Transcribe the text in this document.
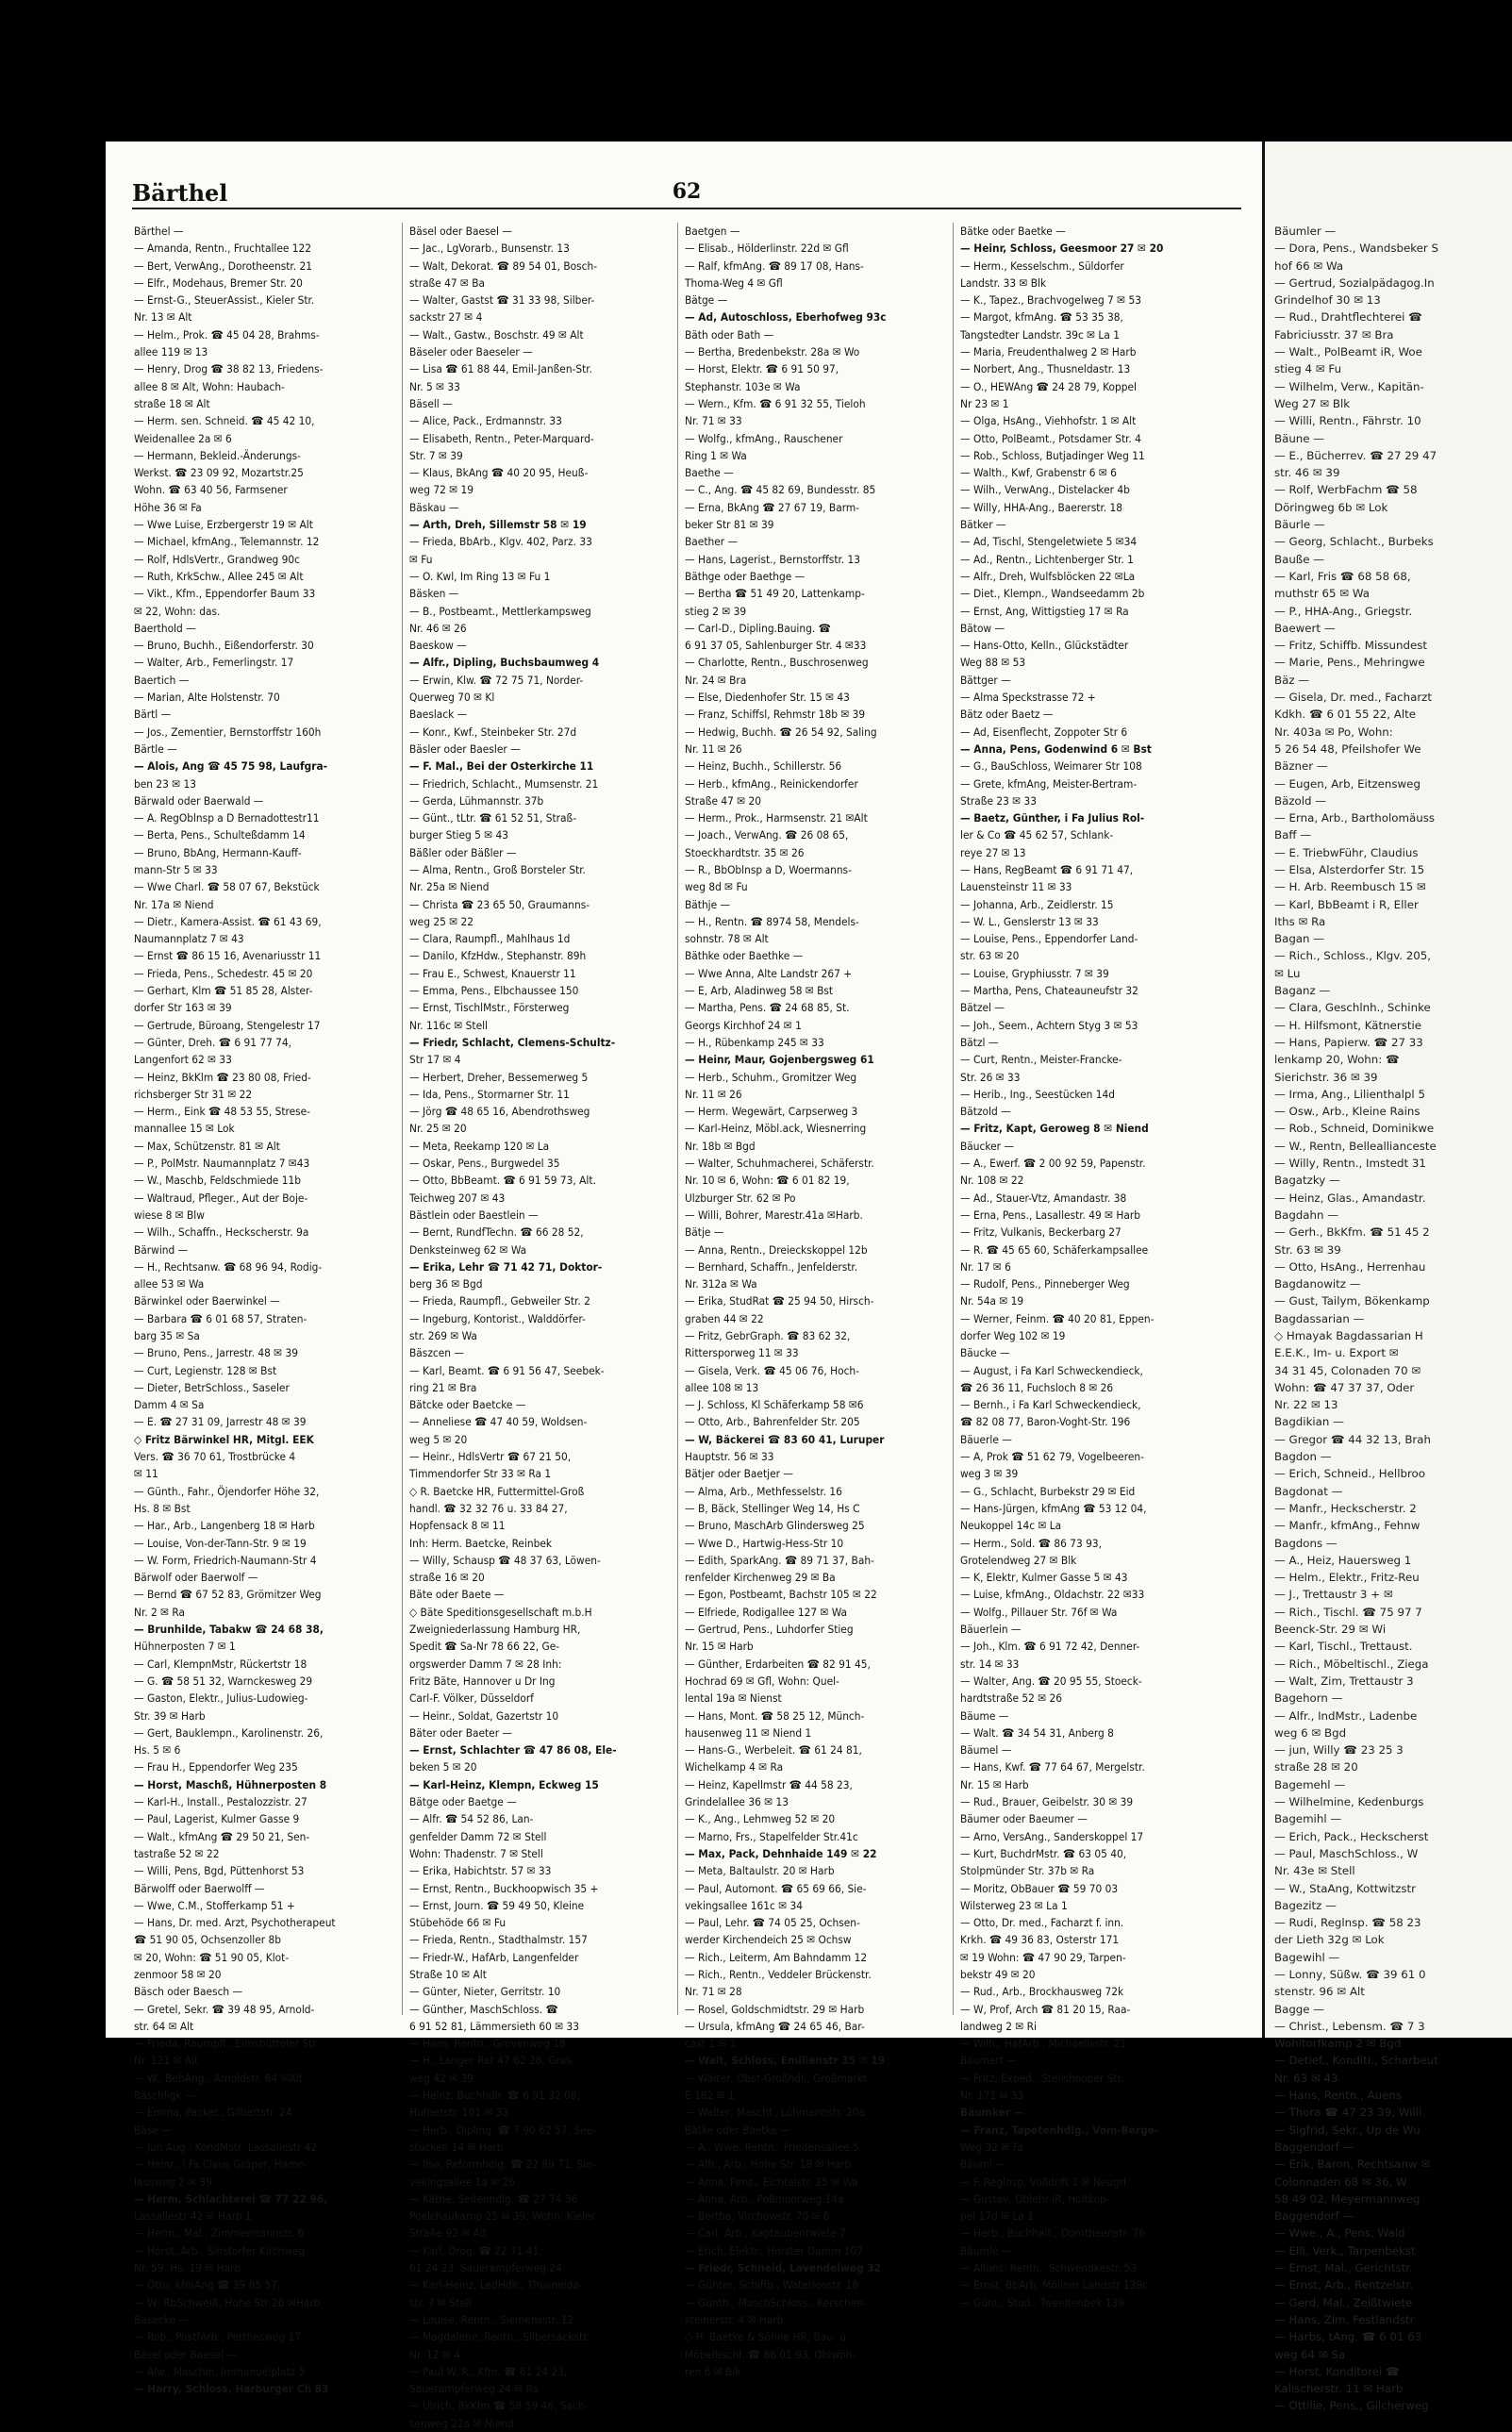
Bärthel	62
Bärthel —
— Amanda, Rentn., Fruchtallee 122
— Bert, VerwAng., Dorotheenstr. 21
— Elfr., Modehaus, Bremer Str. 20
— Ernst-G., SteuerAssist., Kieler Str.
Nr. 13 ✉ Alt
— Helm., Prok. ☎ 45 04 28, Brahms-
allee 119 ✉ 13
— Henry, Drog ☎ 38 82 13, Friedens-
allee 8 ✉ Alt, Wohn: Haubach-
straße 18 ✉ Alt
— Herm. sen. Schneid. ☎ 45 42 10,
Weidenallee 2a ✉ 6
— Hermann, Bekleid.-Änderungs-
Werkst. ☎ 23 09 92, Mozartstr.25
Wohn. ☎ 63 40 56, Farmsener
Höhe 36 ✉ Fa
— Wwe Luise, Erzbergerstr 19 ✉ Alt
— Michael, kfmAng., Telemannstr. 12
— Rolf, HdlsVertr., Grandweg 90c
— Ruth, KrkSchw., Allee 245 ✉ Alt
— Vikt., Kfm., Eppendorfer Baum 33
✉ 22, Wohn: das.
Baerthold —
— Bruno, Buchh., Eißendorferstr. 30
— Walter, Arb., Femerlingstr. 17
Baertich —
— Marian, Alte Holstenstr. 70
Bärtl —
— Jos., Zementier, Bernstorffstr 160h
Bärtle —
— Alois, Ang ☎ 45 75 98, Laufgra-
ben 23 ✉ 13
Bärwald oder Baerwald —
— A. RegOblnsp a D Bernadottestr11
— Berta, Pens., Schulteßdamm 14
— Bruno, BbAng, Hermann-Kauff-
mann-Str 5 ✉ 33
— Wwe Charl. ☎ 58 07 67, Bekstück
Nr. 17a ✉ Niend
— Dietr., Kamera-Assist. ☎ 61 43 69,
Naumannplatz 7 ✉ 43
— Ernst ☎ 86 15 16, Avenariusstr 11
— Frieda, Pens., Schedestr. 45 ✉ 20
— Gerhart, Klm ☎ 51 85 28, Alster-
dorfer Str 163 ✉ 39
— Gertrude, Büroang, Stengelestr 17
— Günter, Dreh. ☎ 6 91 77 74,
Langenfort 62 ✉ 33
— Heinz, BkKlm ☎ 23 80 08, Fried-
richsberger Str 31 ✉ 22
— Herm., Eink ☎ 48 53 55, Strese-
mannallee 15 ✉ Lok
— Max, Schützenstr. 81 ✉ Alt
— P., PolMstr. Naumannplatz 7 ✉43
— W., Maschb, Feldschmiede 11b
— Waltraud, Pfleger., Aut der Boje-
wiese 8 ✉ Blw
— Wilh., Schaffn., Heckscherstr. 9a
Bärwind —
— H., Rechtsanw. ☎ 68 96 94, Rodig-
allee 53 ✉ Wa
Bärwinkel oder Baerwinkel —
— Barbara ☎ 6 01 68 57, Straten-
barg 35 ✉ Sa
— Bruno, Pens., Jarrestr. 48 ✉ 39
— Curt, Legienstr. 128 ✉ Bst
— Dieter, BetrSchloss., Saseler
Damm 4 ✉ Sa
— E. ☎ 27 31 09, Jarrestr 48 ✉ 39
◇ Fritz Bärwinkel HR, Mitgl. EEK
Vers. ☎ 36 70 61, Trostbrücke 4
✉ 11
— Günth., Fahr., Öjendorfer Höhe 32,
Hs. 8 ✉ Bst
— Har., Arb., Langenberg 18 ✉ Harb
— Louise, Von-der-Tann-Str. 9 ✉ 19
— W. Form, Friedrich-Naumann-Str 4
Bärwolf oder Baerwolf —
— Bernd ☎ 67 52 83, Grömitzer Weg
Nr. 2 ✉ Ra
— Brunhilde, Tabakw ☎ 24 68 38,
Hühnerposten 7 ✉ 1
— Carl, KlempnMstr, Rückertstr 18
— G. ☎ 58 51 32, Warnckesweg 29
— Gaston, Elektr., Julius-Ludowieg-
Str. 39 ✉ Harb
— Gert, Bauklempn., Karolinenstr. 26,
Hs. 5 ✉ 6
— Frau H., Eppendorfer Weg 235
— Horst, Maschß, Hühnerposten 8
— Karl-H., Install., Pestalozzistr. 27
— Paul, Lagerist, Kulmer Gasse 9
— Walt., kfmAng ☎ 29 50 21, Sen-
tastraße 52 ✉ 22
— Willi, Pens, Bgd, Püttenhorst 53
Bärwolff oder Baerwolff —
— Wwe, C.M., Stofferkamp 51 +
— Hans, Dr. med. Arzt, Psychotherapeut
☎ 51 90 05, Ochsenzoller 8b
✉ 20, Wohn: ☎ 51 90 05, Klot-
zenmoor 58 ✉ 20
Bäsch oder Baesch —
— Gretel, Sekr. ☎ 39 48 95, Arnold-
str. 64 ✉ Alt
— Frieda, Raumpfl., Eimsbütteler Str.
Nr. 121 ✉ Alt
— W., BehAng., Arnoldstr. 64 ✉Alt
Bäschligk —
— Emma, Packer., Gilbertstr. 24
Bäse —
— jun Aug., KondMstr, Lassallestr 42
— Heinr., i Fa Claus Gräper, Hame-
lausweg 2 ✉ 39
— Herm, Schlachterei ☎ 77 22 96,
Lassallestr 42 ✉ Harb 1
— Herm., Mal., Zimmermannstr. 6
— Horst, Arb., Sinstorfer Kirchweg
Nr. 59, Hs. 19 ✉ Harb
— Otto, kfmAng ☎ 39 85 57,
— W, RbSchweiß, Hohe Str 26 ✉Harb
Bäsecke —
— Rob., PostfArb., Perthesweg 17
Bäsel oder Baesel —
— Alw., Maschin, Immanuelplatz 5
— Harry, Schloss, Harburger Ch 83
Bäsel oder Baesel —
— Jac., LgVorarb., Bunsenstr. 13
— Walt, Dekorat. ☎ 89 54 01, Bosch-
straße 47 ✉ Ba
— Walter, Gastst ☎ 31 33 98, Silber-
sackstr 27 ✉ 4
— Walt., Gastw., Boschstr. 49 ✉ Alt
Bäseler oder Baeseler —
— Lisa ☎ 61 88 44, Emil-Janßen-Str.
Nr. 5 ✉ 33
Bäsell —
— Alice, Pack., Erdmannstr. 33
— Elisabeth, Rentn., Peter-Marquard-
Str. 7 ✉ 39
— Klaus, BkAng ☎ 40 20 95, Heuß-
weg 72 ✉ 19
Bäskau —
— Arth, Dreh, Sillemstr 58 ✉ 19
— Frieda, BbArb., Klgv. 402, Parz. 33
✉ Fu
— O. Kwl, Im Ring 13 ✉ Fu 1
Bäsken —
— B., Postbeamt., Mettlerkampsweg
Nr. 46 ✉ 26
Baeskow —
— Alfr., Dipling, Buchsbaumweg 4
— Erwin, Klw. ☎ 72 75 71, Norder-
Querweg 70 ✉ Kl
Baeslack —
— Konr., Kwf., Steinbeker Str. 27d
Bäsler oder Baesler —
— F. Mal., Bei der Osterkirche 11
— Friedrich, Schlacht., Mumsenstr. 21
— Gerda, Lühmannstr. 37b
— Günt., tLtr. ☎ 61 52 51, Straß-
burger Stieg 5 ✉ 43
Bäßler oder Bäßler —
— Alma, Rentn., Groß Borsteler Str.
Nr. 25a ✉ Niend
— Christa ☎ 23 65 50, Graumanns-
weg 25 ✉ 22
— Clara, Raumpfl., Mahlhaus 1d
— Danilo, KfzHdw., Stephanstr. 89h
— Frau E., Schwest, Knauerstr 11
— Emma, Pens., Elbchaussee 150
— Ernst, TischlMstr., Försterweg
Nr. 116c ✉ Stell
— Friedr, Schlacht, Clemens-Schultz-
Str 17 ✉ 4
— Herbert, Dreher, Bessemerweg 5
— Ida, Pens., Stormarner Str. 11
— Jörg ☎ 48 65 16, Abendrothsweg
Nr. 25 ✉ 20
— Meta, Reekamp 120 ✉ La
— Oskar, Pens., Burgwedel 35
— Otto, BbBeamt. ☎ 6 91 59 73, Alt.
Teichweg 207 ✉ 43
Bästlein oder Baestlein —
— Bernt, RundfTechn. ☎ 66 28 52,
Denksteinweg 62 ✉ Wa
— Erika, Lehr ☎ 71 42 71, Doktor-
berg 36 ✉ Bgd
— Frieda, Raumpfl., Gebweiler Str. 2
— Ingeburg, Kontorist., Walddörfer-
str. 269 ✉ Wa
Bäszcen —
— Karl, Beamt. ☎ 6 91 56 47, Seebek-
ring 21 ✉ Bra
Bätcke oder Baetcke —
— Anneliese ☎ 47 40 59, Woldsen-
weg 5 ✉ 20
— Heinr., HdlsVertr ☎ 67 21 50,
Timmendorfer Str 33 ✉ Ra 1
◇ R. Baetcke HR, Futtermittel-Groß
handl. ☎ 32 32 76 u. 33 84 27,
Hopfensack 8 ✉ 11
Inh: Herm. Baetcke, Reinbek
— Willy, Schausp ☎ 48 37 63, Löwen-
straße 16 ✉ 20
Bäte oder Baete —
◇ Bäte Speditionsgesellschaft m.b.H
Zweigniederlassung Hamburg HR,
Spedit ☎ Sa-Nr 78 66 22, Ge-
orgswerder Damm 7 ✉ 28 Inh:
Fritz Bäte, Hannover u Dr Ing
Carl-F. Völker, Düsseldorf
— Heinr., Soldat, Gazertstr 10
Bäter oder Baeter —
— Ernst, Schlachter ☎ 47 86 08, Ele-
beken 5 ✉ 20
— Karl-Heinz, Klempn, Eckweg 15
Bätge oder Baetge —
— Alfr. ☎ 54 52 86, Lan-
genfelder Damm 72 ✉ Stell
Wohn: Thadenstr. 7 ✉ Stell
— Erika, Habichtstr. 57 ✉ 33
— Ernst, Rentn., Buckhoopwisch 35 +
— Ernst, Journ. ☎ 59 49 50, Kleine
Stübehöde 66 ✉ Fu
— Frieda, Rentn., Stadthalmstr. 157
— Friedr-W., HafArb, Langenfelder
Straße 10 ✉ Alt
— Günter, Nieter, Gerritstr. 10
— Günther, MaschSchloss. ☎
6 91 52 81, Lämmersieth 60 ✉ 33
— Hans, Rentn., Grevenweg 18
— H., Langer Rat 47 62 28, Gras-
weg 42 ✉ 39
— Heinz, Buchhdlr. ☎ 6 91 32 08,
Hufnerstr. 101 ✉ 33
— Herb., Dipling. ☎ 7 90 62 57, See-
stücken 14 ✉ Harb
— Ilse, Reformhdlg. ☎ 22 89 71, Sie-
vekingsallee 1a ✉ 26
— Käthe, Seifenhdlg. ☎ 27 74 36
Poelchaukamp 25 ✉ 39, Wohn: Kieler
Straße 92 ✉ Alt
— Karl, Drog. ☎ 22 71 41,
61 24 23, Sauerampferweg 24
— Karl-Heinz, LedHdlr., Thusnelda-
str. 7 ✉ Stell
— Louise, Rentn., Siemensstr. 12
— Magdalene, Rentn., Silbersackstr.
Nr. 12 ✉ 4
— Paul W. R., Kfm. ☎ 61 24 23,
Sauerampferweg 24 ✉ Ra
— Ulrich, BkKfm ☎ 58 59 46, Sach-
senweg 22a ✉ Niend
Baetgen —
— Elisab., Hölderlinstr. 22d ✉ Gfl
— Ralf, kfmAng. ☎ 89 17 08, Hans-
Thoma-Weg 4 ✉ Gfl
Bätge —
— Ad, Autoschloss, Eberhofweg 93c
Bäth oder Bath —
— Bertha, Bredenbekstr. 28a ✉ Wo
— Horst, Elektr. ☎ 6 91 50 97,
Stephanstr. 103e ✉ Wa
— Wern., Kfm. ☎ 6 91 32 55, Tieloh
Nr. 71 ✉ 33
— Wolfg., kfmAng., Rauschener
Ring 1 ✉ Wa
Baethe —
— C., Ang. ☎ 45 82 69, Bundesstr. 85
— Erna, BkAng ☎ 27 67 19, Barm-
beker Str 81 ✉ 39
Baether —
— Hans, Lagerist., Bernstorffstr. 13
Bäthge oder Baethge —
— Bertha ☎ 51 49 20, Lattenkamp-
stieg 2 ✉ 39
— Carl-D., Dipling.Bauing. ☎
6 91 37 05, Sahlenburger Str. 4 ✉33
— Charlotte, Rentn., Buschrosenweg
Nr. 24 ✉ Bra
— Else, Diedenhofer Str. 15 ✉ 43
— Franz, Schiffsl, Rehmstr 18b ✉ 39
— Hedwig, Buchh. ☎ 26 54 92, Saling
Nr. 11 ✉ 26
— Heinz, Buchh., Schillerstr. 56
— Herb., kfmAng., Reinickendorfer
Straße 47 ✉ 20
— Herm., Prok., Harmsenstr. 21 ✉Alt
— Joach., VerwAng. ☎ 26 08 65,
Stoeckhardtstr. 35 ✉ 26
— R., BbOblnsp a D, Woermanns-
weg 8d ✉ Fu
Bäthje —
— H., Rentn. ☎ 8974 58, Mendels-
sohnstr. 78 ✉ Alt
Bäthke oder Baethke —
— Wwe Anna, Alte Landstr 267 +
— E, Arb, Aladinweg 58 ✉ Bst
— Martha, Pens. ☎ 24 68 85, St.
Georgs Kirchhof 24 ✉ 1
— H., Rübenkamp 245 ✉ 33
— Heinr, Maur, Gojenbergsweg 61
— Herb., Schuhm., Gromitzer Weg
Nr. 11 ✉ 26
— Herm. Wegewärt, Carpserweg 3
— Karl-Heinz, Möbl.ack, Wiesnerring
Nr. 18b ✉ Bgd
— Walter, Schuhmacherei, Schäferstr.
Nr. 10 ✉ 6, Wohn: ☎ 6 01 82 19,
Ulzburger Str. 62 ✉ Po
— Willi, Bohrer, Marestr.41a ✉Harb.
Bätje —
— Anna, Rentn., Dreieckskoppel 12b
— Bernhard, Schaffn., Jenfelderstr.
Nr. 312a ✉ Wa
— Erika, StudRat ☎ 25 94 50, Hirsch-
graben 44 ✉ 22
— Fritz, GebrGraph. ☎ 83 62 32,
Rittersporweg 11 ✉ 33
— Gisela, Verk. ☎ 45 06 76, Hoch-
allee 108 ✉ 13
— J. Schloss, Kl Schäferkamp 58 ✉6
— Otto, Arb., Bahrenfelder Str. 205
— W, Bäckerei ☎ 83 60 41, Luruper
Hauptstr. 56 ✉ 33
Bätjer oder Baetjer —
— Alma, Arb., Methfesselstr. 16
— B, Bäck, Stellinger Weg 14, Hs C
— Bruno, MaschArb Glindersweg 25
— Wwe D., Hartwig-Hess-Str 10
— Edith, SparkAng. ☎ 89 71 37, Bah-
renfelder Kirchenweg 29 ✉ Ba
— Egon, Postbeamt, Bachstr 105 ✉ 22
— Elfriede, Rodigallee 127 ✉ Wa
— Gertrud, Pens., Luhdorfer Stieg
Nr. 15 ✉ Harb
— Günther, Erdarbeiten ☎ 82 91 45,
Hochrad 69 ✉ Gfl, Wohn: Quel-
lental 19a ✉ Nienst
— Hans, Mont. ☎ 58 25 12, Münch-
hausenweg 11 ✉ Niend 1
— Hans-G., Werbeleit. ☎ 61 24 81,
Wichelkamp 4 ✉ Ra
— Heinz, Kapellmstr ☎ 44 58 23,
Grindelallee 36 ✉ 13
— K., Ang., Lehmweg 52 ✉ 20
— Marno, Frs., Stapelfelder Str.41c
— Max, Pack, Dehnhaide 149 ✉ 22
— Meta, Baltaulstr. 20 ✉ Harb
— Paul, Automont. ☎ 65 69 66, Sie-
vekingsallee 161c ✉ 34
— Paul, Lehr. ☎ 74 05 25, Ochsen-
werder Kirchendeich 25 ✉ Ochsw
— Rich., Leiterm, Am Bahndamm 12
— Rich., Rentn., Veddeler Brückenstr.
Nr. 71 ✉ 28
— Rosel, Goldschmidtstr. 29 ✉ Harb
— Ursula, kfmAng ☎ 24 65 46, Bar-
cast 1 ✉ 1
— Walt, Schloss, Emilienstr 35 ✉ 19
— Walter, Obst-Großhdl., Großmarkt
E 182 ✉ 1
— Walter, Maschf., Lühmannstr. 20a
Bätke oder Baetke —
— A., Wwe. Rentn., Friedensallee 5
— Alfr., Arb., Hohe Str. 18 ✉ Harb
— Anna, Pens., Eichtalstr. 25 ✉ Wa
— Anna, Arb., Poßmoorweg 14a
— Bertha, Virchowstr. 70 ✉ 6
— Carl, Arb., Kaptaubentwiete 7
— Erich, Elektr., Horster Damm 107
— Friedr, Schneid, Lavendelweg 32
— Günter, Schiffb., Waterloostr. 18
— Günth., MaschSchloss., Kerschen-
steinerstr. 4 ✉ Harb
◇ H. Baetke & Söhne HR, Bau- u.
Möbeltischl. ☎ 86 01 93, Ohlwöh-
ren 6 ✉ Blk
Bätke oder Baetke —
— Heinr, Schloss, Geesmoor 27 ✉ 20
— Herm., Kesselschm., Süldorfer
Landstr. 33 ✉ Blk
— K., Tapez., Brachvogelweg 7 ✉ 53
— Margot, kfmAng. ☎ 53 35 38,
Tangstedter Landstr. 39c ✉ La 1
— Maria, Freudenthalweg 2 ✉ Harb
— Norbert, Ang., Thusneldastr. 13
— O., HEWAng ☎ 24 28 79, Koppel
Nr 23 ✉ 1
— Olga, HsAng., Viehhofstr. 1 ✉ Alt
— Otto, PolBeamt., Potsdamer Str. 4
— Rob., Schloss, Butjadinger Weg 11
— Walth., Kwf, Grabenstr 6 ✉ 6
— Wilh., VerwAng., Distelacker 4b
— Willy, HHA-Ang., Baererstr. 18
Bätker —
— Ad, Tischl, Stengeletwiete 5 ✉34
— Ad., Rentn., Lichtenberger Str. 1
— Alfr., Dreh, Wulfsblöcken 22 ✉La
— Diet., Klempn., Wandseedamm 2b
— Ernst, Ang, Wittigstieg 17 ✉ Ra
Bätow —
— Hans-Otto, Kelln., Glückstädter
Weg 88 ✉ 53
Bättger —
— Alma Speckstrasse 72 +
Bätz oder Baetz —
— Ad, Eisenflecht, Zoppoter Str 6
— Anna, Pens, Godenwind 6 ✉ Bst
— G., BauSchloss, Weimarer Str 108
— Grete, kfmAng, Meister-Bertram-
Straße 23 ✉ 33
— Baetz, Günther, i Fa Julius Rol-
ler & Co ☎ 45 62 57, Schlank-
reye 27 ✉ 13
— Hans, RegBeamt ☎ 6 91 71 47,
Lauensteinstr 11 ✉ 33
— Johanna, Arb., Zeidlerstr. 15
— W. L., Genslerstr 13 ✉ 33
— Louise, Pens., Eppendorfer Land-
str. 63 ✉ 20
— Louise, Gryphiusstr. 7 ✉ 39
— Martha, Pens, Chateauneufstr 32
Bätzel —
— Joh., Seem., Achtern Styg 3 ✉ 53
Bätzl —
— Curt, Rentn., Meister-Francke-
Str. 26 ✉ 33
— Herib., Ing., Seestücken 14d
Bätzold —
— Fritz, Kapt, Geroweg 8 ✉ Niend
Bäucker —
— A., Ewerf. ☎ 2 00 92 59, Papenstr.
Nr. 108 ✉ 22
— Ad., Stauer-Vtz, Amandastr. 38
— Erna, Pens., Lasallestr. 49 ✉ Harb
— Fritz, Vulkanis, Beckerbarg 27
— R. ☎ 45 65 60, Schäferkampsallee
Nr. 17 ✉ 6
— Rudolf, Pens., Pinneberger Weg
Nr. 54a ✉ 19
— Werner, Feinm. ☎ 40 20 81, Eppen-
dorfer Weg 102 ✉ 19
Bäucke —
— August, i Fa Karl Schweckendieck,
☎ 26 36 11, Fuchsloch 8 ✉ 26
— Bernh., i Fa Karl Schweckendieck,
☎ 82 08 77, Baron-Voght-Str. 196
Bäuerle —
— A, Prok ☎ 51 62 79, Vogelbeeren-
weg 3 ✉ 39
— G., Schlacht, Burbekstr 29 ✉ Eid
— Hans-Jürgen, kfmAng ☎ 53 12 04,
Neukoppel 14c ✉ La
— Herm., Sold. ☎ 86 73 93,
Grotelendweg 27 ✉ Blk
— K, Elektr, Kulmer Gasse 5 ✉ 43
— Luise, kfmAng., Oldachstr. 22 ✉33
— Wolfg., Pillauer Str. 76f ✉ Wa
Bäuerlein —
— Joh., Klm. ☎ 6 91 72 42, Denner-
str. 14 ✉ 33
— Walter, Ang. ☎ 20 95 55, Stoeck-
hardtstraße 52 ✉ 26
Bäume —
— Walt. ☎ 34 54 31, Anberg 8
Bäumel —
— Hans, Kwf. ☎ 77 64 67, Mergelstr.
Nr. 15 ✉ Harb
— Rud., Brauer, Geibelstr. 30 ✉ 39
Bäumer oder Baeumer —
— Arno, VersAng., Sanderskoppel 17
— Kurt, BuchdrMstr. ☎ 63 05 40,
Stolpmünder Str. 37b ✉ Ra
— Moritz, ObBauer ☎ 59 70 03
Wilsterweg 23 ✉ La 1
— Otto, Dr. med., Facharzt f. inn.
Krkh. ☎ 49 36 83, Osterstr 171
✉ 19 Wohn: ☎ 47 90 29, Tarpen-
bekstr 49 ✉ 20
— Rud., Arb., Brockhausweg 72k
— W, Prof, Arch ☎ 81 20 15, Raa-
landweg 2 ✉ Ri
— Wilh., HafArb., Michaelisstr. 21
Bäumert —
— Fritz, Exped., Steilshooper Str.
Nr. 171 ✉ 33
Bäumker —
— Franz, Tapetenhdlg., Vom-Berge-
Weg 32 ✉ Fa
Bäuml —
— F. Reglnsp, Voßdrift 1 ✉ Neugrl
— Gustav, Oblehr iR, Holtkop-
pel 17d ✉ La 1
— Herb., Buchhalt., Dorotheenstr. 76
Bäumle —
— Allons, Rentn., Schwendkestr. 53
— Ernst, BbArb, Möllner Landstr 139c
— Günt., Stud., Tweeltenbek 139
Bäumler —
— Dora, Pens., Wandsbeker S
hof 66 ✉ Wa
— Gertrud, Sozialpädagog.In
Grindelhof 30 ✉ 13
— Rud., Drahtflechterei ☎
Fabriciusstr. 37 ✉ Bra
— Walt., PolBeamt iR, Woe
stieg 4 ✉ Fu
— Wilhelm, Verw., Kapitän-
Weg 27 ✉ Blk
— Willi, Rentn., Fährstr. 10
Bäune —
— E., Bücherrev. ☎ 27 29 47
str. 46 ✉ 39
— Rolf, WerbFachm ☎ 58
Döringweg 6b ✉ Lok
Bäurle —
— Georg, Schlacht., Burbeks
Bauße —
— Karl, Fris ☎ 68 58 68,
muthstr 65 ✉ Wa
— P., HHA-Ang., Griegstr.
Baewert —
— Fritz, Schiffb. Missundest
— Marie, Pens., Mehringwe
Bäz —
— Gisela, Dr. med., Facharzt
Kdkh. ☎ 6 01 55 22, Alte
Nr. 403a ✉ Po, Wohn:
5 26 54 48, Pfeilshofer We
Bäzner —
— Eugen, Arb, Eitzensweg
Bäzold —
— Erna, Arb., Bartholomäuss
Baff —
— E. TriebwFühr, Claudius
— Elsa, Alsterdorfer Str. 15
— H. Arb. Reembusch 15 ✉
— Karl, BbBeamt i R, Eller
Iths ✉ Ra
Bagan —
— Rich., Schloss., Klgv. 205,
✉ Lu
Baganz —
— Clara, Geschlnh., Schinke
— H. Hilfsmont, Kätnerstie
— Hans, Papierw. ☎ 27 33
lenkamp 20, Wohn: ☎
Sierichstr. 36 ✉ 39
— Irma, Ang., Lilienthalpl 5
— Osw., Arb., Kleine Rains
— Rob., Schneid, Dominikwe
— W., Rentn, Belleallianceste
— Willy, Rentn., Imstedt 31
Bagatzky —
— Heinz, Glas., Amandastr.
Bagdahn —
— Gerh., BkKfm. ☎ 51 45 2
Str. 63 ✉ 39
— Otto, HsAng., Herrenhau
Bagdanowitz —
— Gust, Tailym, Bökenkamp
Bagdassarian —
◇ Hmayak Bagdassarian H
E.E.K., Im- u. Export ✉
34 31 45, Colonaden 70 ✉
Wohn: ☎ 47 37 37, Oder
Nr. 22 ✉ 13
Bagdikian —
— Gregor ☎ 44 32 13, Brah
Bagdon —
— Erich, Schneid., Hellbroo
Bagdonat —
— Manfr., Heckscherstr. 2
— Manfr., kfmAng., Fehnw
Bagdons —
— A., Heiz, Hauersweg 1
— Helm., Elektr., Fritz-Reu
— J., Trettaustr 3 + ✉
— Rich., Tischl. ☎ 75 97 7
Beenck-Str. 29 ✉ Wi
— Karl, Tischl., Trettaust.
— Rich., Möbeltischl., Ziega
— Walt, Zim, Trettaustr 3
Bagehorn —
— Alfr., IndMstr., Ladenbe
weg 6 ✉ Bgd
— jun, Willy ☎ 23 25 3
straße 28 ✉ 20
Bagemehl —
— Wilhelmine, Kedenburgs
Bagemihl —
— Erich, Pack., Heckscherst
— Paul, MaschSchloss., W
Nr. 43e ✉ Stell
— W., StaAng, Kottwitzstr
Bagezitz —
— Rudi, Reglnsp. ☎ 58 23
der Lieth 32g ✉ Lok
Bagewihl —
— Lonny, Süßw. ☎ 39 61 0
stenstr. 96 ✉ Alt
Bagge —
— Christ., Lebensm. ☎ 7 3
Wohltorfkamp 2 ✉ Bgd
— Detlef., Konditi., Scharbeut
Nr. 63 ✉ 43
— Hans, Rentn., Auens
— Thora ☎ 47 23 39, Willi
— Sigfrid, Sekr., Up de Wu
Baggendorf —
— Erik, Baron, Rechtsanw ✉
Colonnaden 68 ✉ 36, W
58 49 02, Meyermannweg
Baggendorf —
— Wwe., A., Pens, Wald
— Elli, Verk., Tarpenbekst
— Ernst, Mal., Gerichtstr.
— Ernst, Arb., Rentzelstr.
— Gerd, Mal., Zeißtwiete
— Hans, Zim, Festlandstr
— Harbs, tAng. ☎ 6 01 63
weg 64 ✉ Sa
— Horst, Konditorei ☎
Kalischerstr. 11 ✉ Harb
— Ottilie, Pens., Gilcherweg
